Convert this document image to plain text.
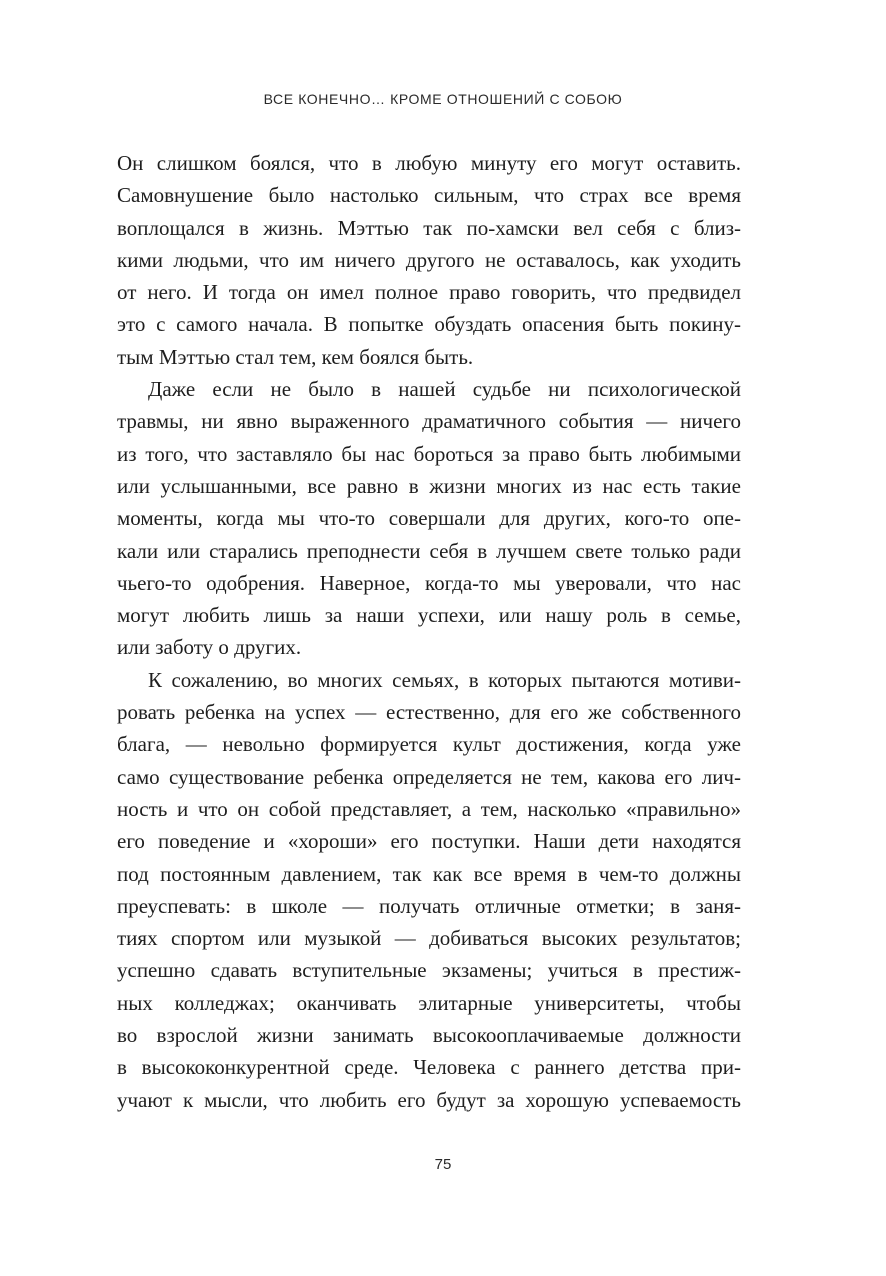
ВСЕ КОНЕЧНО… КРОМЕ ОТНОШЕНИЙ С СОБОЮ
Он слишком боялся, что в любую минуту его могут оставить.
Самовнушение было настолько сильным, что страх все время
воплощался в жизнь. Мэттью так по-хамски вел себя с близ-
кими людьми, что им ничего другого не оставалось, как уходить
от него. И тогда он имел полное право говорить, что предвидел
это с самого начала. В попытке обуздать опасения быть покину-
тым Мэттью стал тем, кем боялся быть.
Даже если не было в нашей судьбе ни психологической
травмы, ни явно выраженного драматичного события — ничего
из того, что заставляло бы нас бороться за право быть любимыми
или услышанными, все равно в жизни многих из нас есть такие
моменты, когда мы что-то совершали для других, кого-то опе-
кали или старались преподнести себя в лучшем свете только ради
чьего-то одобрения. Наверное, когда-то мы уверовали, что нас
могут любить лишь за наши успехи, или нашу роль в семье,
или заботу о других.
К сожалению, во многих семьях, в которых пытаются мотиви-
ровать ребенка на успех — естественно, для его же собственного
блага, — невольно формируется культ достижения, когда уже
само существование ребенка определяется не тем, какова его лич-
ность и что он собой представляет, а тем, насколько «правильно»
его поведение и «хороши» его поступки. Наши дети находятся
под постоянным давлением, так как все время в чем-то должны
преуспевать: в школе — получать отличные отметки; в заня-
тиях спортом или музыкой — добиваться высоких результатов;
успешно сдавать вступительные экзамены; учиться в престиж-
ных колледжах; оканчивать элитарные университеты, чтобы
во взрослой жизни занимать высокооплачиваемые должности
в высококонкурентной среде. Человека с раннего детства при-
учают к мысли, что любить его будут за хорошую успеваемость
75
